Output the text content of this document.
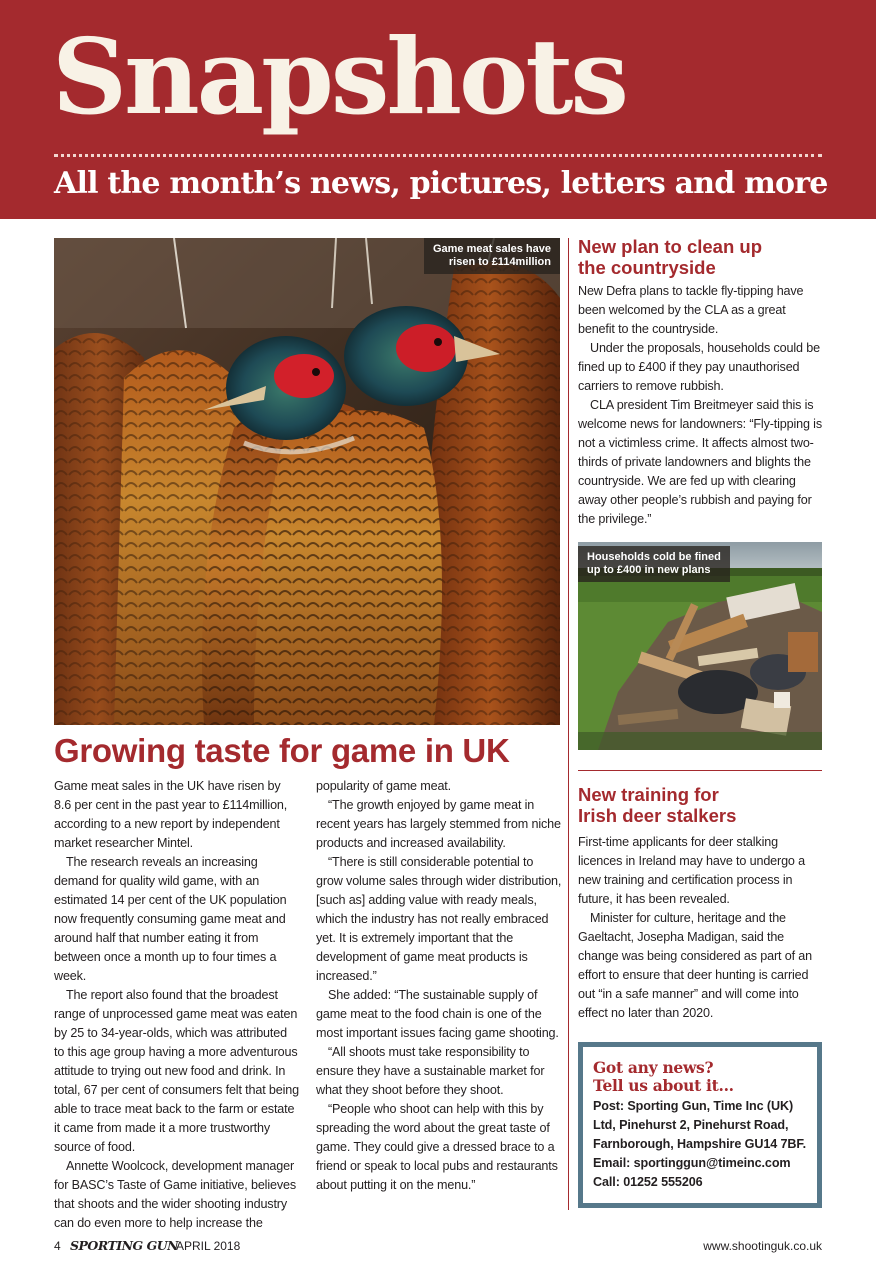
Snapshots
All the month’s news, pictures, letters and more
Game meat sales have
risen to £114million
Growing taste for game in UK

Game meat sales in the UK have risen by 8.6 per cent in the past year to £114million, according to a new report by independent market researcher Mintel.

The research reveals an increasing demand for quality wild game, with an estimated 14 per cent of the UK population now frequently consuming game meat and around half that number eating it from between once a month up to four times a week.

The report also found that the broadest range of unprocessed game meat was eaten by 25 to 34-year-olds, which was attributed to this age group having a more adventurous attitude to trying out new food and drink. In total, 67 per cent of consumers felt that being able to trace meat back to the farm or estate it came from made it a more trustworthy source of food.

Annette Woolcock, development manager for BASC’s Taste of Game initiative, believes that shoots and the wider shooting industry can do even more to help increase the

popularity of game meat.

“The growth enjoyed by game meat in recent years has largely stemmed from niche products and increased availability.

“There is still considerable potential to grow volume sales through wider distribution, [such as] adding value with ready meals, which the industry has not really embraced yet. It is extremely important that the development of game meat products is increased.”

She added: “The sustainable supply of game meat to the food chain is one of the most important issues facing game shooting.

“All shoots must take responsibility to ensure they have a sustainable market for what they shoot before they shoot.

“People who shoot can help with this by spreading the word about the great taste of game. They could give a dressed brace to a friend or speak to local pubs and restaurants about putting it on the menu.”

New plan to clean up
the countryside

New Defra plans to tackle fly-tipping have been welcomed by the CLA as a great benefit to the countryside.

Under the proposals, households could be fined up to £400 if they pay unauthorised carriers to remove rubbish.

CLA president Tim Breitmeyer said this is welcome news for landowners: “Fly-tipping is not a victimless crime. It affects almost two-thirds of private landowners and blights the countryside. We are fed up with clearing away other people’s rubbish and paying for the privilege.”

Households cold be fined
up to £400 in new plans
New training for
Irish deer stalkers

First-time applicants for deer stalking licences in Ireland may have to undergo a new training and certification process in future, it has been revealed.

Minister for culture, heritage and the Gaeltacht, Josepha Madigan, said the change was being considered as part of an effort to ensure that deer hunting is carried out “in a safe manner” and will come into effect no later than 2020.

Got any news?
Tell us about it...
Post: Sporting Gun, Time Inc (UK)
Ltd, Pinehurst 2, Pinehurst Road,
Farnborough, Hampshire GU14 7BF.
Email: sportinggun@timeinc.com
Call: 01252 555206
4 SPORTING GUN
APRIL 2018	www.shootinguk.co.uk
